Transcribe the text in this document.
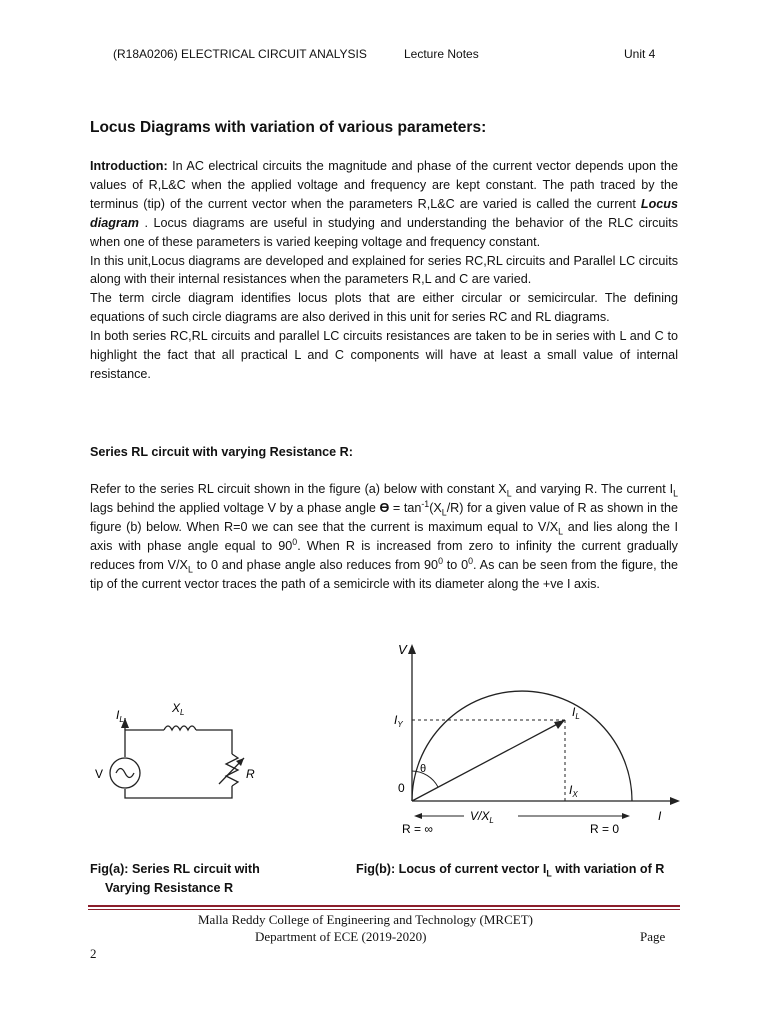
(R18A0206) ELECTRICAL CIRCUIT ANALYSIS	Lecture Notes	Unit 4
Locus Diagrams with variation of various parameters:
Introduction: In AC electrical circuits the magnitude and phase of the current vector depends upon the values of R,L&C when the applied voltage and frequency are kept constant. The path traced by the terminus (tip) of the current vector when the parameters R,L&C are varied is called the current Locus diagram . Locus diagrams are useful in studying and understanding the behavior of the RLC circuits when one of these parameters is varied keeping voltage and frequency constant.
In this unit,Locus diagrams are developed and explained for series RC,RL circuits and Parallel LC circuits along with their internal resistances when the parameters R,L and C are varied.
The term circle diagram identifies locus plots that are either circular or semicircular. The defining equations of such circle diagrams are also derived in this unit for series RC and RL diagrams.
In both series RC,RL circuits and parallel LC circuits resistances are taken to be in series with L and C to highlight the fact that all practical L and C components will have at least a small value of internal resistance.
Series RL circuit with varying Resistance R:
Refer to the series RL circuit shown in the figure (a) below with constant $X_L$ and varying R. The current $I_L$ lags behind the applied voltage V by a phase angle $ϴ = \tan^{-1}(X_L/R)$ for a given value of R as shown in the figure (b) below. When R=0 we can see that the current is maximum equal to $V/X_L$ and lies along the I axis with phase angle equal to $90^0$. When R is increased from zero to infinity the current gradually reduces from $V/X_L$ to 0 and phase angle also reduces from $90^0$ to $0^0$. As can be seen from the figure, the tip of the current vector traces the path of a semicircle with its diameter along the +ve I axis.
$I_L$
$X_L$
V	R
V
$I_Y$
$I_L$
θ
0	$I_X$
$V/X_L$	I
R = ∞	R = 0
Fig(a): Series RL circuit with
Varying Resistance R
Fig(b): Locus of current vector $I_L$ with variation of R
Malla Reddy College of Engineering and Technology (MRCET)
Department of ECE (2019-2020)	Page
2
